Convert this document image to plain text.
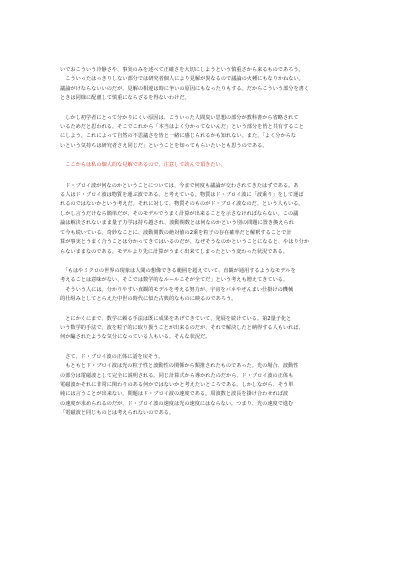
いでおこういう冷静さや、事実のみを述べて正確さを大切にしようという慎重さから来るものであろう。
　こういったはっきりしない部分では研究者個人により見解が異なるので議論の火種にもなりかねない。
議論がけならないいのだが、見解の相違は時に争いの原因にもなったりもする。だからこういう部分を書く
ときは同様に配慮して慎重にならざるを得ないわけだ。
　しかし初学者にとって分かりにくい原因は、こういった人間臭い思想の部分が教科書から省略されて
いるためだと思われる。そこでこれから「本当はよく分かってないんだ」という部分を皆と共有すること
にしよう。これによって自然の不思議さを皆と一緒に感じられるかも知れない。また、「よく分からな
いという気持ちは研究者さえ同じだ」ということを知ってもらいたいとも思うのである。
　ここからは私の個人的な見解であるので、注意して読んで頂きたい。
　ド・ブロイ波が何なのかということについては、今まで何度も議論が交わされてきたはずである。あ
る人はド・ブロイ波は物質を運ぶ波である、と考えている。物質はド・ブロイ波に「波乗り」をして運ば
れるのではないかという考えだ。それに対して、物質そのものがド・ブロイ波なのだ、という人もいる。
しかし言うだけなら簡単だが、そのモデルでうまく計算が出来ることを示さなければならない。この議
論は解決されないまま量子力学は持ち越され、波動関数とは何なのかという別の問題に置き換えられ
て今も続いている。奇妙なことに、波動関数の絶対値の2乗を粒子の存在確率だと解釈することで計
算が事実とうまく合うことは分かってきてはいるのだが、なぜそうなのかということになると、やはり分か
らないままなのである。モデルより先に計算がうまく出来てしまったという変わった状況である。
　「もはやミクロの世界の現象は人間の想像できる範囲を超えていて、直観が通用するようなモデルを
考えることは意味がない、そこでは数学的なルールこそが全てだ」という考えも増えてきている。
　そういう人には、分かりやすい直観的モデルを考える努力が、宇宙をバネやぜんまい仕掛けの機械
的仕組みとしてとらえた中世の時代に似た古典的なものに映るのであろう。
　とにかくにまで、数学に頼る手法は既に成果をあげてきていて、発展を続けている。第2量子化と
いう数学的手法で、波を粒子的に取り扱うことが出来るのだが、それで解決したと納得する人もいれば、
何か騙されたような気分になっている人もいる。そんな状況だ。
　さて、ド・ブロイ波の正体に話を戻そう。
　もともとド・ブロイ波は光の粒子性と波動性の関係から類推されたものであった。光の場合、波動性
の部分は電磁波として完全に説明される。同じ計算式から導かれたのだから、ド・ブロイ波の正体も
電磁波かそれに非常に関わりのある何かではないかと考えたいところである。しかしながら、そう単
純には言うことが出来ない。問題はド・ブロイ波の速度である。周波数と波長を掛け合わせれば波
の速度が求められるのだが、ド・ブロイ波の速度は光の速度にはならない。つまり、光の速度で進む
「電磁波と同じものとは考えられないのである。
